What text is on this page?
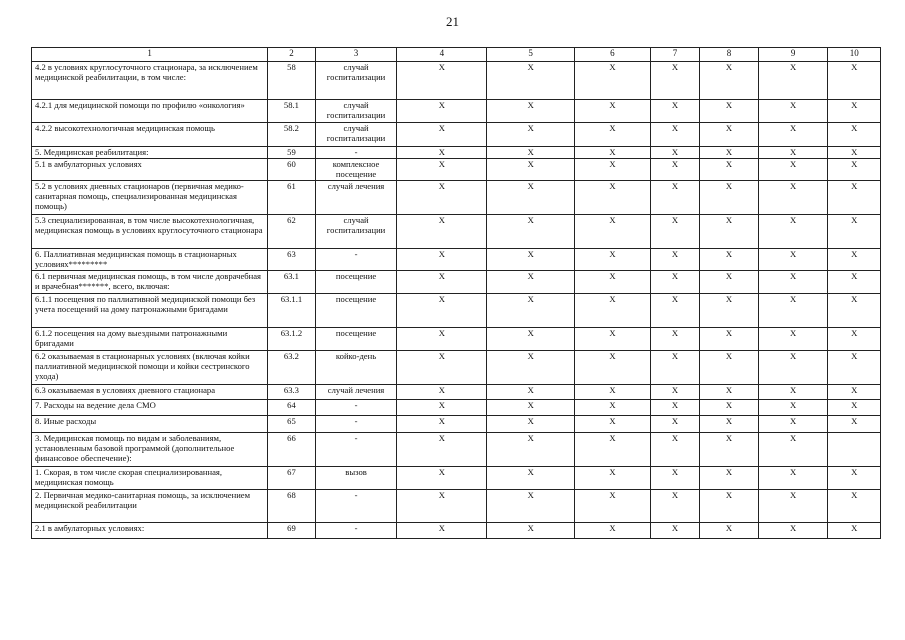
21
1	2	3	4	5	6	7	8	9	10
4.2 в условиях круглосуточного стационара, за исключением медицинской реабилитации, в том числе:	58	случай госпитализации	Х	Х	Х	Х	Х	Х	Х
4.2.1 для медицинской помощи по профилю «онкология»	58.1	случай госпитализации	Х	Х	Х	Х	Х	Х	Х
4.2.2 высокотехнологичная медицинская помощь	58.2	случай госпитализации	Х	Х	Х	Х	Х	Х	Х
5. Медицинская реабилитация:	59	-	Х	Х	Х	Х	Х	Х	Х
5.1 в амбулаторных условиях	60	комплексное посещение	Х	Х	Х	Х	Х	Х	Х
5.2 в условиях дневных стационаров (первичная медико-санитарная помощь, специализированная медицинская помощь)	61	случай лечения	Х	Х	Х	Х	Х	Х	Х
5.3 специализированная, в том числе высокотехнологичная, медицинская помощь в условиях круглосуточного стационара	62	случай госпитализации	Х	Х	Х	Х	Х	Х	Х
6. Паллиативная медицинская помощь в стационарных условиях*********	63	-	Х	Х	Х	Х	Х	Х	Х
6.1 первичная медицинская помощь, в том числе доврачебная и врачебная*******, всего, включая:	63.1	посещение	Х	Х	Х	Х	Х	Х	Х
6.1.1 посещения по паллиативной медицинской помощи без учета посещений на дому патронажными бригадами	63.1.1	посещение	Х	Х	Х	Х	Х	Х	Х
6.1.2 посещения на дому выездными патронажными бригадами	63.1.2	посещение	Х	Х	Х	Х	Х	Х	Х
6.2 оказываемая в стационарных условиях (включая койки паллиативной медицинской помощи и койки сестринского ухода)	63.2	койко-день	Х	Х	Х	Х	Х	Х	Х
6.3 оказываемая в условиях дневного стационара	63.3	случай лечения	Х	Х	Х	Х	Х	Х	Х
7. Расходы на ведение дела СМО	64	-	Х	Х	Х	Х	Х	Х	Х
8. Иные расходы	65	-	Х	Х	Х	Х	Х	Х	Х
3. Медицинская помощь по видам и заболеваниям, установленным базовой программой (дополнительное финансовое обеспечение):	66	-	Х	Х	Х	Х	Х	Х	
1. Скорая, в том числе скорая специализированная, медицинская помощь	67	вызов	Х	Х	Х	Х	Х	Х	Х
2. Первичная медико-санитарная помощь, за исключением медицинской реабилитации	68	-	Х	Х	Х	Х	Х	Х	Х
2.1 в амбулаторных условиях:	69	-	Х	Х	Х	Х	Х	Х	Х
